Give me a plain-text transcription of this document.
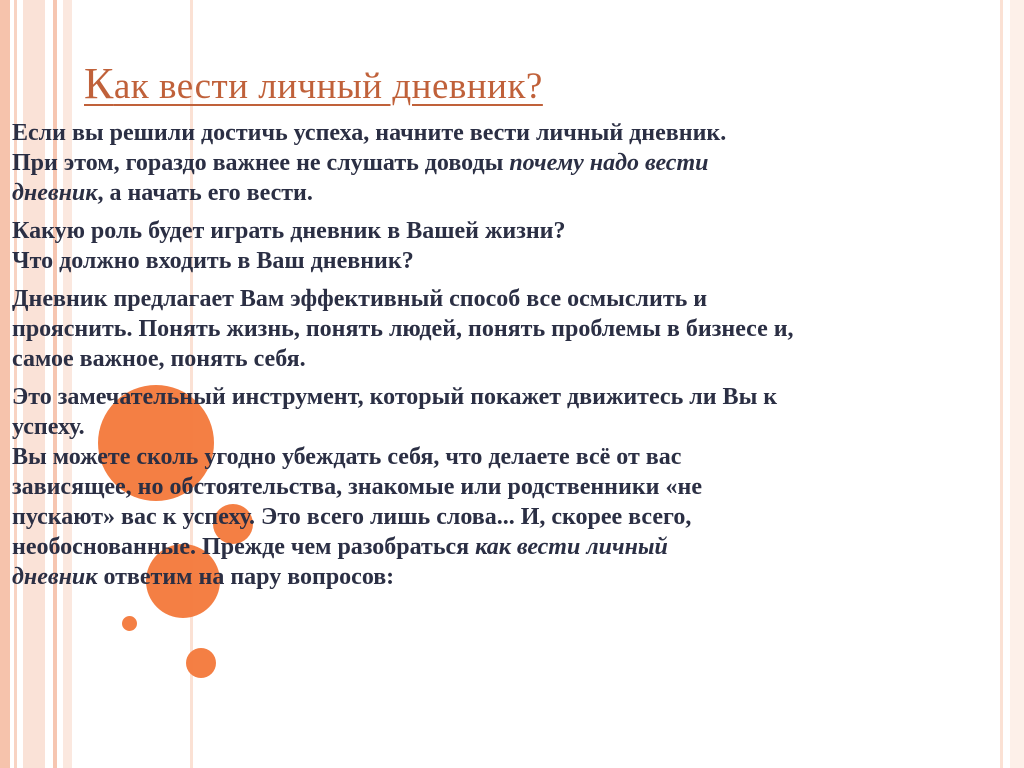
Как вести личный дневник?

Если вы решили достичь успеха, начните вести личный дневник.
При этом, гораздо важнее не слушать доводы почему надо вести
дневник, а начать его вести.

Какую роль будет играть дневник в Вашей жизни?
Что должно входить в Ваш дневник?

Дневник предлагает Вам эффективный способ все осмыслить и
прояснить. Понять жизнь, понять людей, понять проблемы в бизнесе и,
самое важное, понять себя.

Это замечательный инструмент, который покажет движитесь ли Вы к
успеху.
Вы можете сколь угодно убеждать себя, что делаете всё от вас
зависящее, но обстоятельства, знакомые или родственники «не
пускают» вас к успеху. Это всего лишь слова... И, скорее всего,
необоснованные. Прежде чем разобраться как вести личный
дневник ответим на пару вопросов:
